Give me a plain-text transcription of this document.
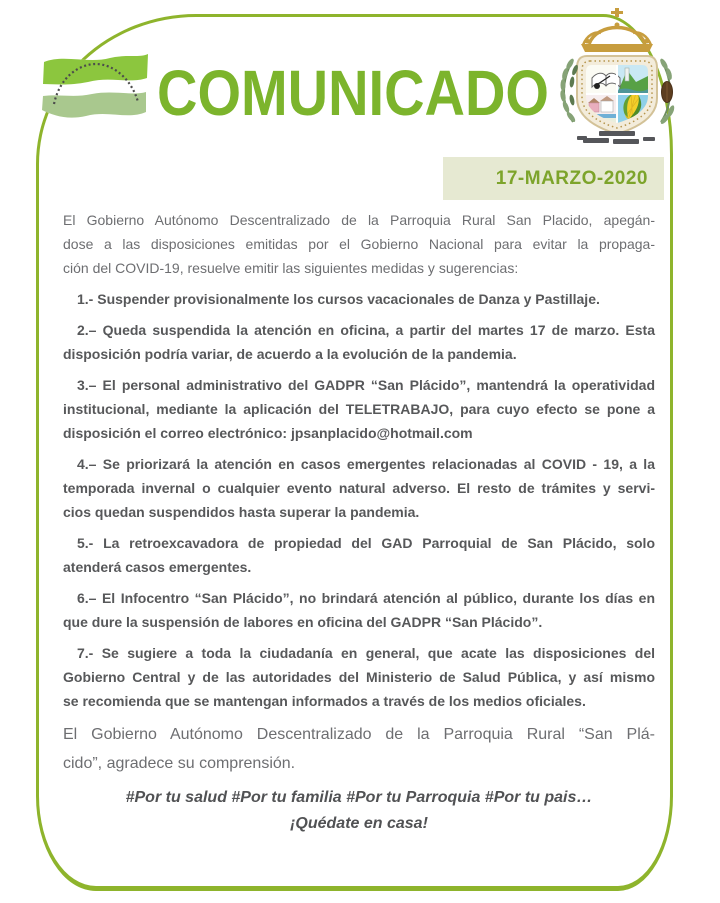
COMUNICADO
17-MARZO-2020
El Gobierno Autónomo Descentralizado de la Parroquia Rural San Placido, apegán-
dose a las disposiciones emitidas por el Gobierno Nacional para evitar la propaga-
ción del COVID-19, resuelve emitir las siguientes medidas y sugerencias:
1.- Suspender provisionalmente los cursos vacacionales de Danza y Pastillaje.
2.– Queda suspendida la atención en oficina, a partir del martes 17 de marzo. Esta
disposición podría variar, de acuerdo a la evolución de la pandemia.
3.– El personal administrativo del GADPR “San Plácido”, mantendrá la operatividad
institucional, mediante la aplicación del TELETRABAJO, para cuyo efecto se pone a
disposición el correo electrónico: jpsanplacido@hotmail.com
4.– Se priorizará la atención en casos emergentes relacionadas al COVID - 19, a la
temporada invernal o cualquier evento natural adverso. El resto de trámites y servi-
cios quedan suspendidos hasta superar la pandemia.
5.- La retroexcavadora de propiedad del GAD Parroquial de San Plácido, solo
atenderá casos emergentes.
6.– El Infocentro “San Plácido”, no brindará atención al público, durante los días en
que dure la suspensión de labores en oficina del GADPR “San Plácido”.
7.- Se sugiere a toda la ciudadanía en general, que acate las disposiciones del
Gobierno Central y de las autoridades del Ministerio de Salud Pública, y así mismo
se recomienda que se mantengan informados a través de los medios oficiales.
El Gobierno Autónomo Descentralizado de la Parroquia Rural “San Plá-
cido”, agradece su comprensión.
#Por tu salud #Por tu familia #Por tu Parroquia #Por tu pais…
¡Quédate en casa!
